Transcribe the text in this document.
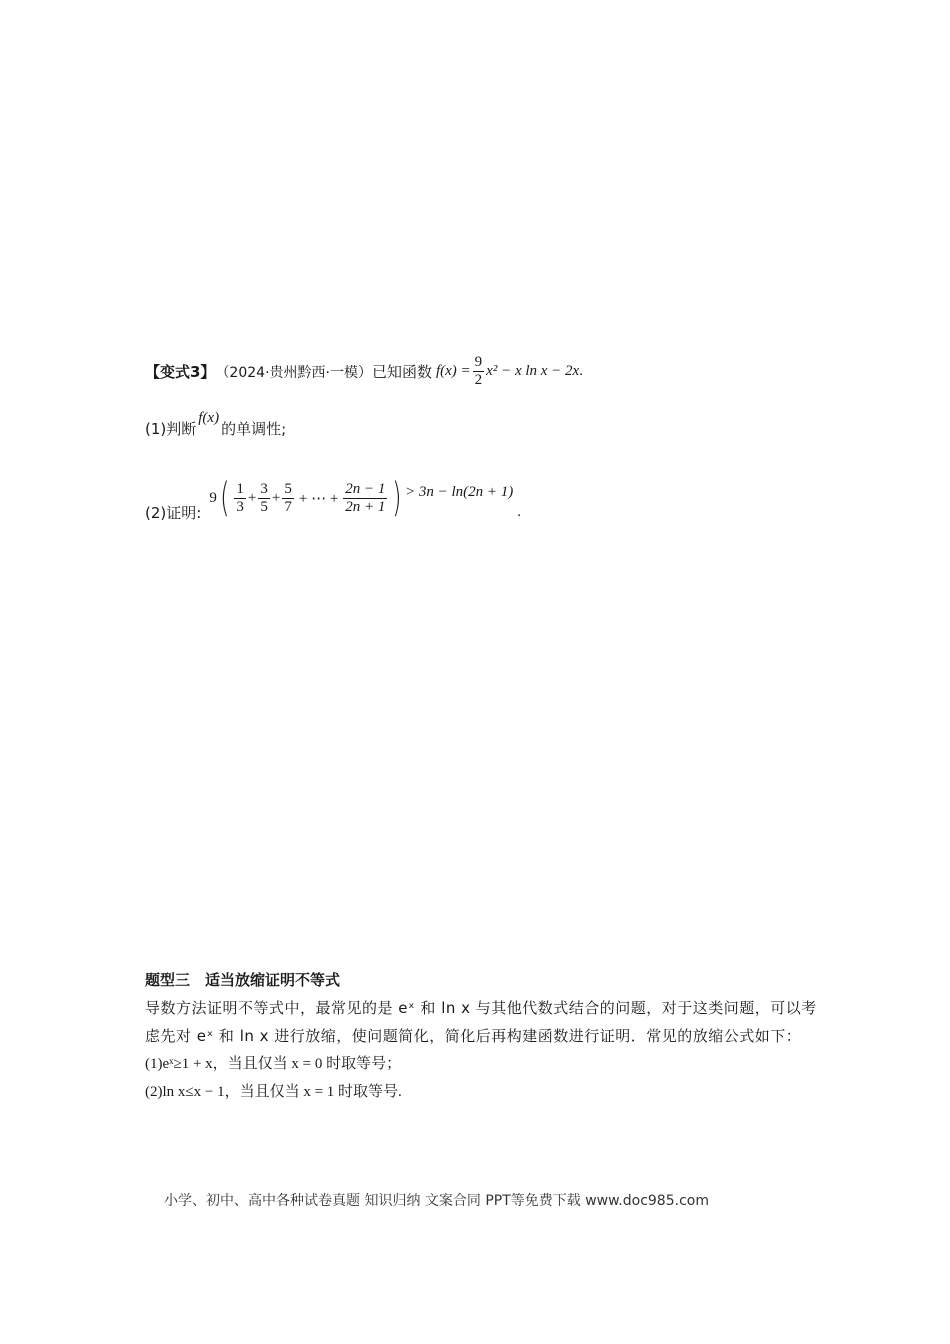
【变式3】 （2024·贵州黔西·一模） 已知函数 $f(x) = \frac{9}{2} x^2 - x$ ln x − 2x .
(1)判断
f(x)
的单调性;
(2)证明:
9 ( $\frac{1}{3} + \frac{3}{5} + \frac{5}{7}$ + ⋯ + $\frac{2n - 1}{2n + 1}$ ) > 3n − ln(2n + 1)
.
题型三　适当放缩证明不等式
导数方法证明不等式中，最常见的是 eˣ 和 ln x 与其他代数式结合的问题，对于这类问题，可以考虑先对 eˣ 和 ln x 进行放缩，使问题简化，简化后再构建函数进行证明．常见的放缩公式如下：
(1)eˣ≥1 + x，当且仅当 x = 0 时取等号；
(2)ln x≤x − 1，当且仅当 x = 1 时取等号.
小学、初中、高中各种试卷真题 知识归纳 文案合同 PPT等免费下载 www.doc985.com
